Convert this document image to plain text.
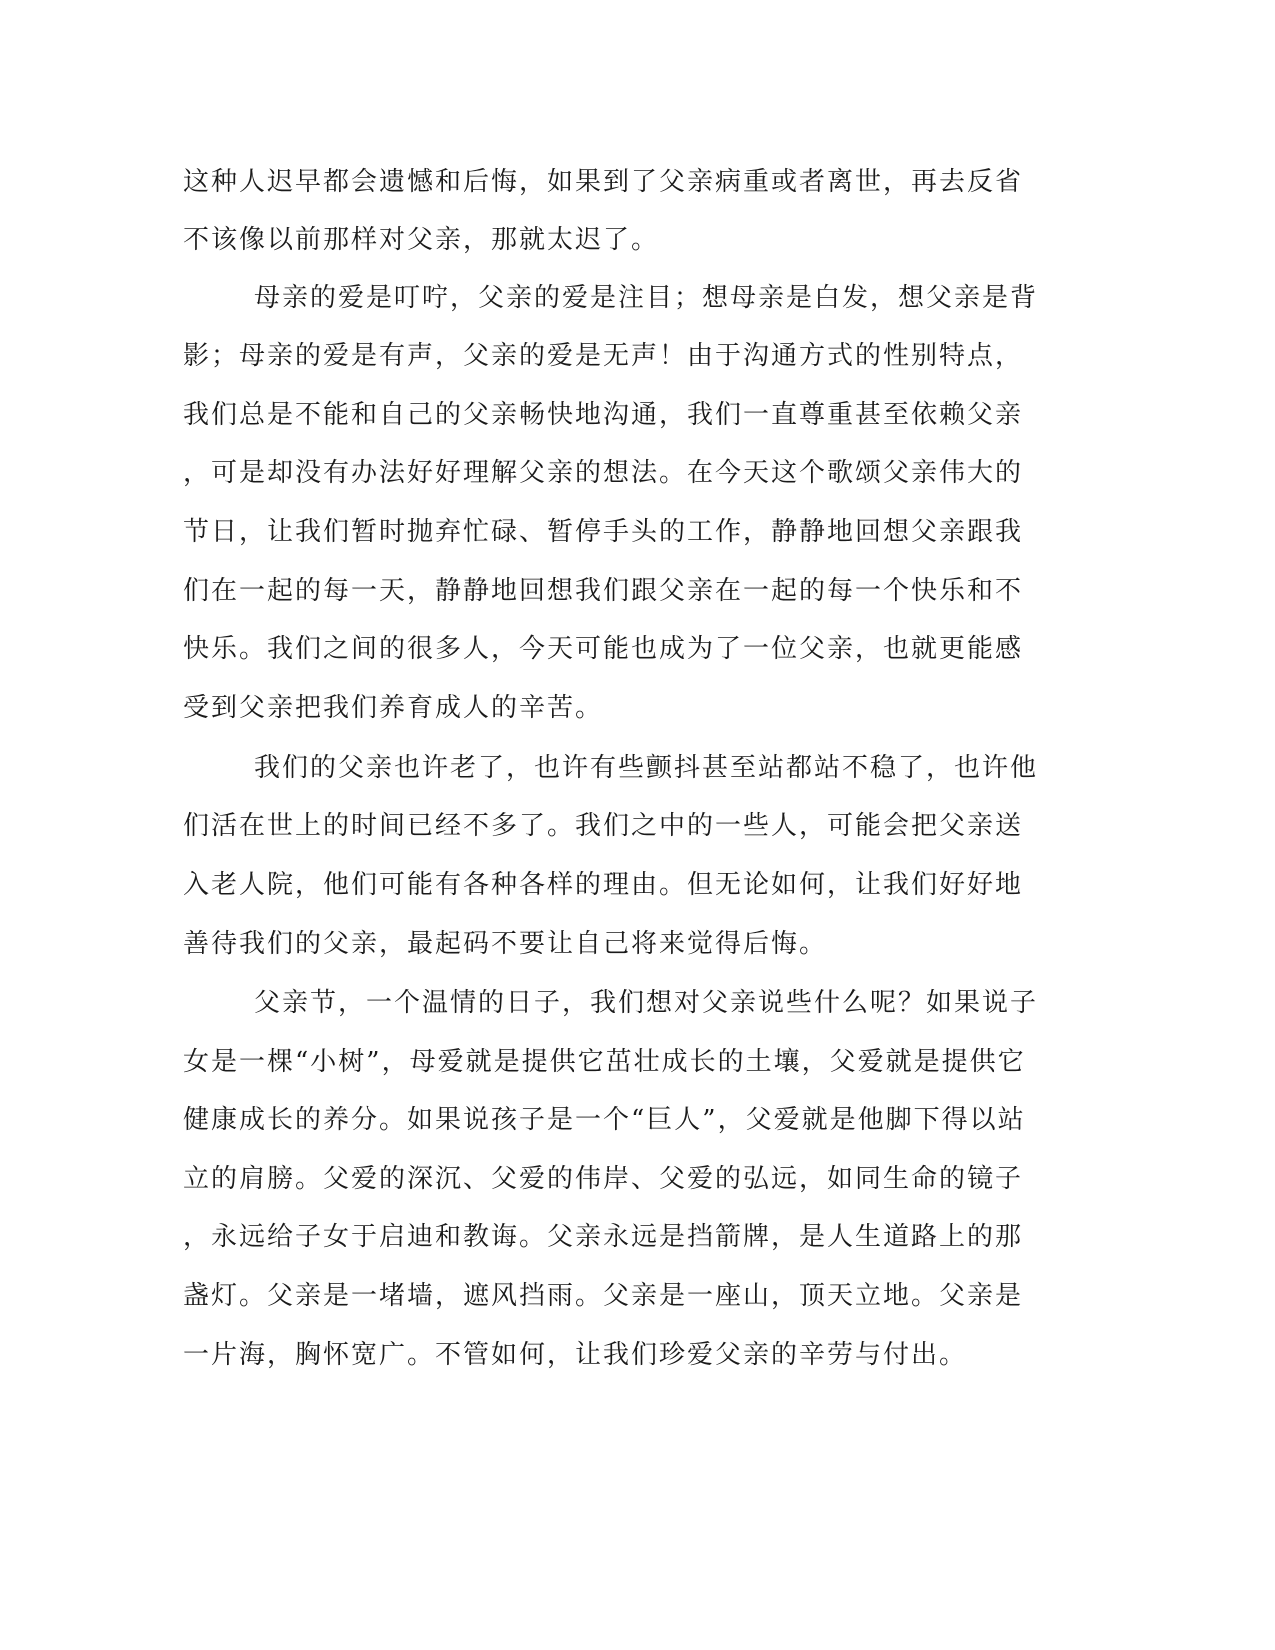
这种人迟早都会遗憾和后悔，如果到了父亲病重或者离世，再去反省
不该像以前那样对父亲，那就太迟了。
母亲的爱是叮咛，父亲的爱是注目；想母亲是白发，想父亲是背
影；母亲的爱是有声，父亲的爱是无声！由于沟通方式的性别特点，
我们总是不能和自己的父亲畅快地沟通，我们一直尊重甚至依赖父亲
，可是却没有办法好好理解父亲的想法。在今天这个歌颂父亲伟大的
节日，让我们暂时抛弃忙碌、暂停手头的工作，静静地回想父亲跟我
们在一起的每一天，静静地回想我们跟父亲在一起的每一个快乐和不
快乐。我们之间的很多人，今天可能也成为了一位父亲，也就更能感
受到父亲把我们养育成人的辛苦。
我们的父亲也许老了，也许有些颤抖甚至站都站不稳了，也许他
们活在世上的时间已经不多了。我们之中的一些人，可能会把父亲送
入老人院，他们可能有各种各样的理由。但无论如何，让我们好好地
善待我们的父亲，最起码不要让自己将来觉得后悔。
父亲节，一个温情的日子，我们想对父亲说些什么呢？如果说子
女是一棵“小树”，母爱就是提供它茁壮成长的土壤，父爱就是提供它
健康成长的养分。如果说孩子是一个“巨人”，父爱就是他脚下得以站
立的肩膀。父爱的深沉、父爱的伟岸、父爱的弘远，如同生命的镜子
，永远给子女于启迪和教诲。父亲永远是挡箭牌，是人生道路上的那
盏灯。父亲是一堵墙，遮风挡雨。父亲是一座山，顶天立地。父亲是
一片海，胸怀宽广。不管如何，让我们珍爱父亲的辛劳与付出。
